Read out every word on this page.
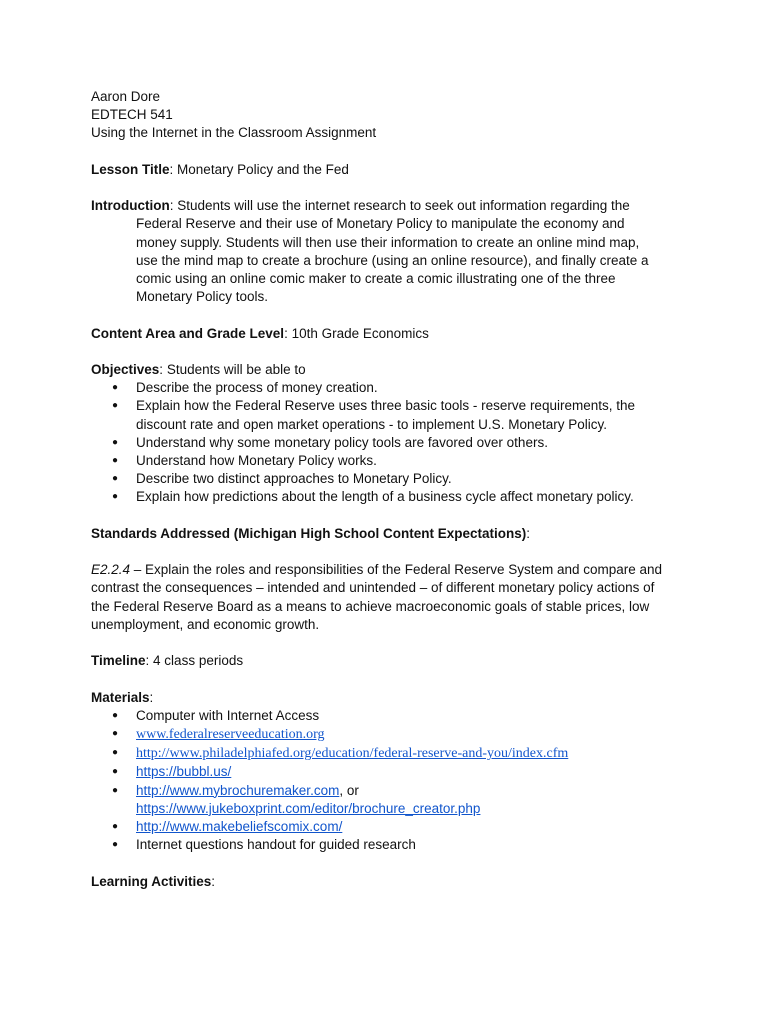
Aaron Dore

EDTECH 541

Using the Internet in the Classroom Assignment

Lesson Title: Monetary Policy and the Fed

Introduction: Students will use the internet research to seek out information regarding the

Federal Reserve and their use of Monetary Policy to manipulate the economy and

money supply. Students will then use their information to create an online mind map,

use the mind map to create a brochure (using an online resource), and finally create a

comic using an online comic maker to create a comic illustrating one of the three

Monetary Policy tools.

Content Area and Grade Level: 10th Grade Economics

Objectives: Students will be able to

● Describe the process of money creation.
● Explain how the Federal Reserve uses three basic tools - reserve requirements, the
discount rate and open market operations - to implement U.S. Monetary Policy.
● Understand why some monetary policy tools are favored over others.
● Understand how Monetary Policy works.
● Describe two distinct approaches to Monetary Policy.
● Explain how predictions about the length of a business cycle affect monetary policy.

Standards Addressed (Michigan High School Content Expectations):

E2.2.4 – Explain the roles and responsibilities of the Federal Reserve System and compare and

contrast the consequences – intended and unintended – of different monetary policy actions of

the Federal Reserve Board as a means to achieve macroeconomic goals of stable prices, low

unemployment, and economic growth.

Timeline: 4 class periods

Materials:

● Computer with Internet Access
● www.federalreserveeducation.org
● http://www.philadelphiafed.org/education/federal-reserve-and-you/index.cfm
● https://bubbl.us/
● http://www.mybrochuremaker.com, or
https://www.jukeboxprint.com/editor/brochure_creator.php
● http://www.makebeliefscomix.com/
● Internet questions handout for guided research

Learning Activities:
